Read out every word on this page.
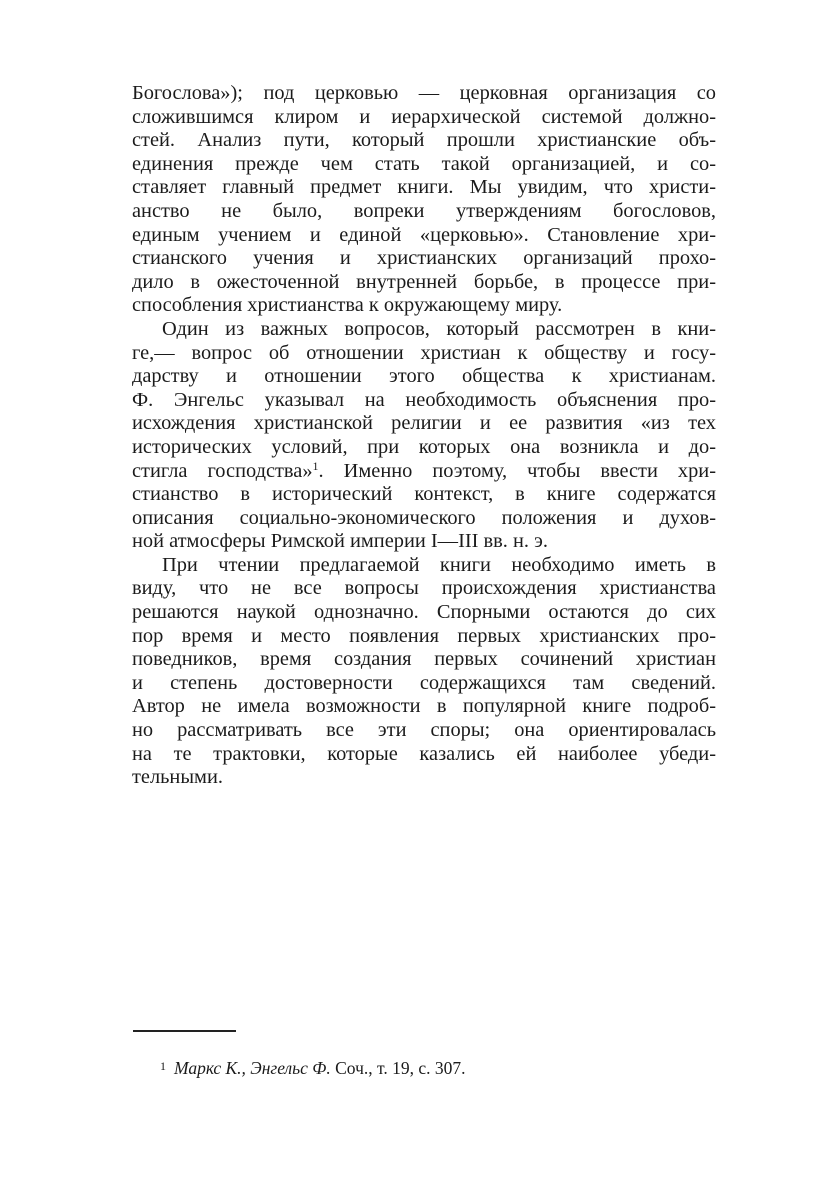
Богослова»); под церковью — церковная организация со
сложившимся клиром и иерархической системой должно-
стей. Анализ пути, который прошли христианские объ-
единения прежде чем стать такой организацией, и со-
ставляет главный предмет книги. Мы увидим, что христи-
анство не было, вопреки утверждениям богословов,
единым учением и единой «церковью». Становление хри-
стианского учения и христианских организаций прохо-
дило в ожесточенной внутренней борьбе, в процессе при-
способления христианства к окружающему миру.
Один из важных вопросов, который рассмотрен в кни-
ге,— вопрос об отношении христиан к обществу и госу-
дарству и отношении этого общества к христианам.
Ф. Энгельс указывал на необходимость объяснения про-
исхождения христианской религии и ее развития «из тех
исторических условий, при которых она возникла и до-
стигла господства»$^1$. Именно поэтому, чтобы ввести хри-
стианство в исторический контекст, в книге содержатся
описания социально-экономического положения и духов-
ной атмосферы Римской империи I—III вв. н. э.
При чтении предлагаемой книги необходимо иметь в
виду, что не все вопросы происхождения христианства
решаются наукой однозначно. Спорными остаются до сих
пор время и место появления первых христианских про-
поведников, время создания первых сочинений христиан
и степень достоверности содержащихся там сведений.
Автор не имела возможности в популярной книге подроб-
но рассматривать все эти споры; она ориентировалась
на те трактовки, которые казались ей наиболее убеди-
тельными.
$^1$ Маркс К., Энгельс Ф. Соч., т. 19, с. 307.
